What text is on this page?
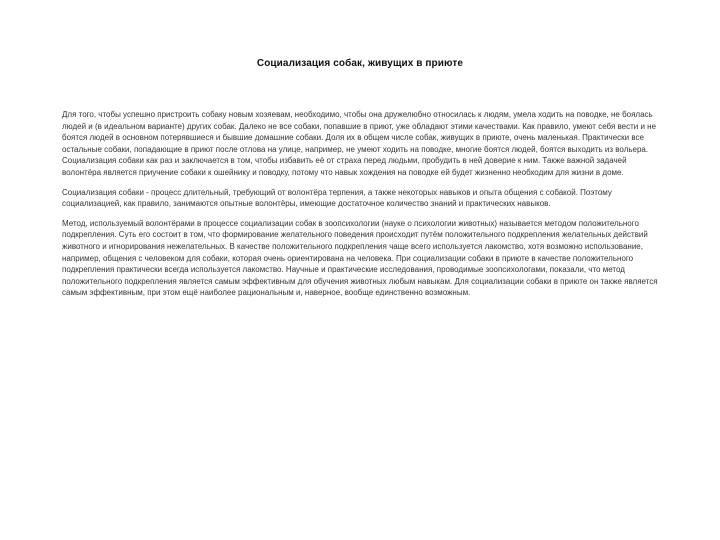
Социализация собак, живущих в приюте

Для того, чтобы успешно пристроить собаку новым хозяевам, необходимо, чтобы она дружелюбно относилась к людям, умела ходить на поводке, не боялась людей и (в идеальном варианте) других собак. Далеко не все собаки, попавшие в приют, уже обладают этими качествами. Как правило, умеют себя вести и не боятся людей в основном потерявшиеся и бывшие домашние собаки. Доля их в общем числе собак, живущих в приюте, очень маленькая. Практически все остальные собаки, попадающие в приют после отлова на улице, например, не умеют ходить на поводке, многие боятся людей, боятся выходить из вольера. Социализация собаки как раз и заключается в том, чтобы избавить её от страха перед людьми, пробудить в ней доверие к ним. Также важной задачей волонтёра является приучение собаки к ошейнику и поводку, потому что навык хождения на поводке ей будет жизненно необходим для жизни в доме.

Социализация собаки - процесс длительный, требующий от волонтёра терпения, а также некоторых навыков и опыта общения с собакой. Поэтому социализацией, как правило, занимаются опытные волонтёры, имеющие достаточное количество знаний и практических навыков.

Метод, используемый волонтёрами в процессе социализации собак в зоопсихологии (науке о психологии животных) называется методом положительного подкрепления. Суть его состоит в том, что формирование желательного поведения происходит путём положительного подкрепления желательных действий животного и игнорирования нежелательных. В качестве положительного подкрепления чаще всего используется лакомство, хотя возможно использование, например, общения с человеком для собаки, которая очень ориентирована на человека. При социализации собаки в приюте в качестве положительного подкрепления практически всегда используется лакомство. Научные и практические исследования, проводимые зоопсихологами, показали, что метод положительного подкрепления является самым эффективным для обучения животных любым навыкам. Для социализации собаки в приюте он также является самым эффективным, при этом ещё наиболее рациональным и, наверное, вообще единственно возможным.
